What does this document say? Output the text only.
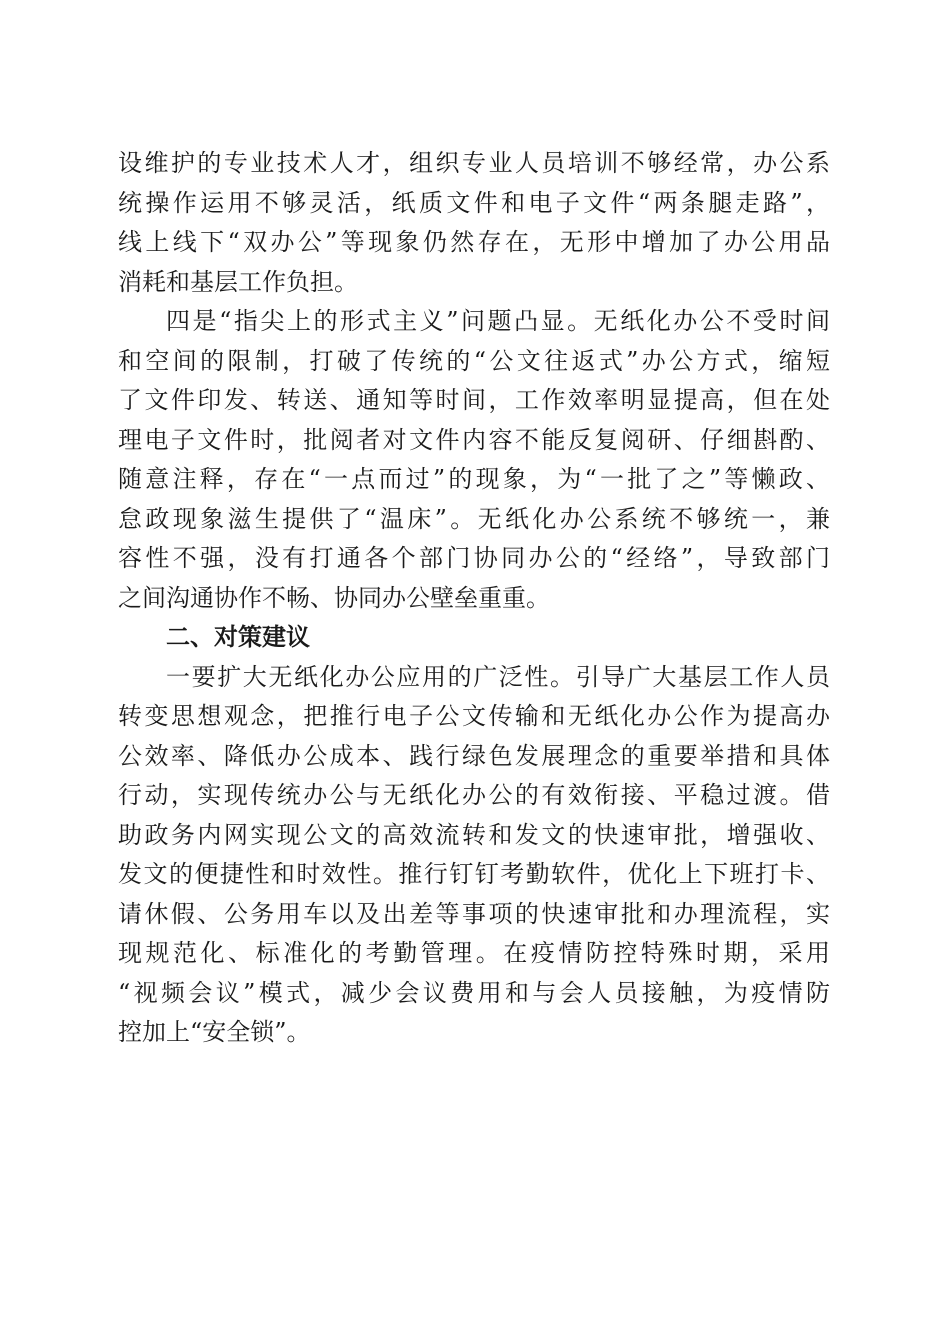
设维护的专业技术人才，组织专业人员培训不够经常，办公系
统操作运用不够灵活，纸质文件和电子文件“两条腿走路”，
线上线下“双办公”等现象仍然存在，无形中增加了办公用品
消耗和基层工作负担。
四是“指尖上的形式主义”问题凸显。无纸化办公不受时间
和空间的限制，打破了传统的“公文往返式”办公方式，缩短
了文件印发、转送、通知等时间，工作效率明显提高，但在处
理电子文件时，批阅者对文件内容不能反复阅研、仔细斟酌、
随意注释，存在“一点而过”的现象，为“一批了之”等懒政、
怠政现象滋生提供了“温床”。无纸化办公系统不够统一，兼
容性不强，没有打通各个部门协同办公的“经络”，导致部门
之间沟通协作不畅、协同办公壁垒重重。
二、对策建议
一要扩大无纸化办公应用的广泛性。引导广大基层工作人员
转变思想观念，把推行电子公文传输和无纸化办公作为提高办
公效率、降低办公成本、践行绿色发展理念的重要举措和具体
行动，实现传统办公与无纸化办公的有效衔接、平稳过渡。借
助政务内网实现公文的高效流转和发文的快速审批，增强收、
发文的便捷性和时效性。推行钉钉考勤软件，优化上下班打卡、
请休假、公务用车以及出差等事项的快速审批和办理流程，实
现规范化、标准化的考勤管理。在疫情防控特殊时期，采用
“视频会议”模式，减少会议费用和与会人员接触，为疫情防
控加上“安全锁”。
